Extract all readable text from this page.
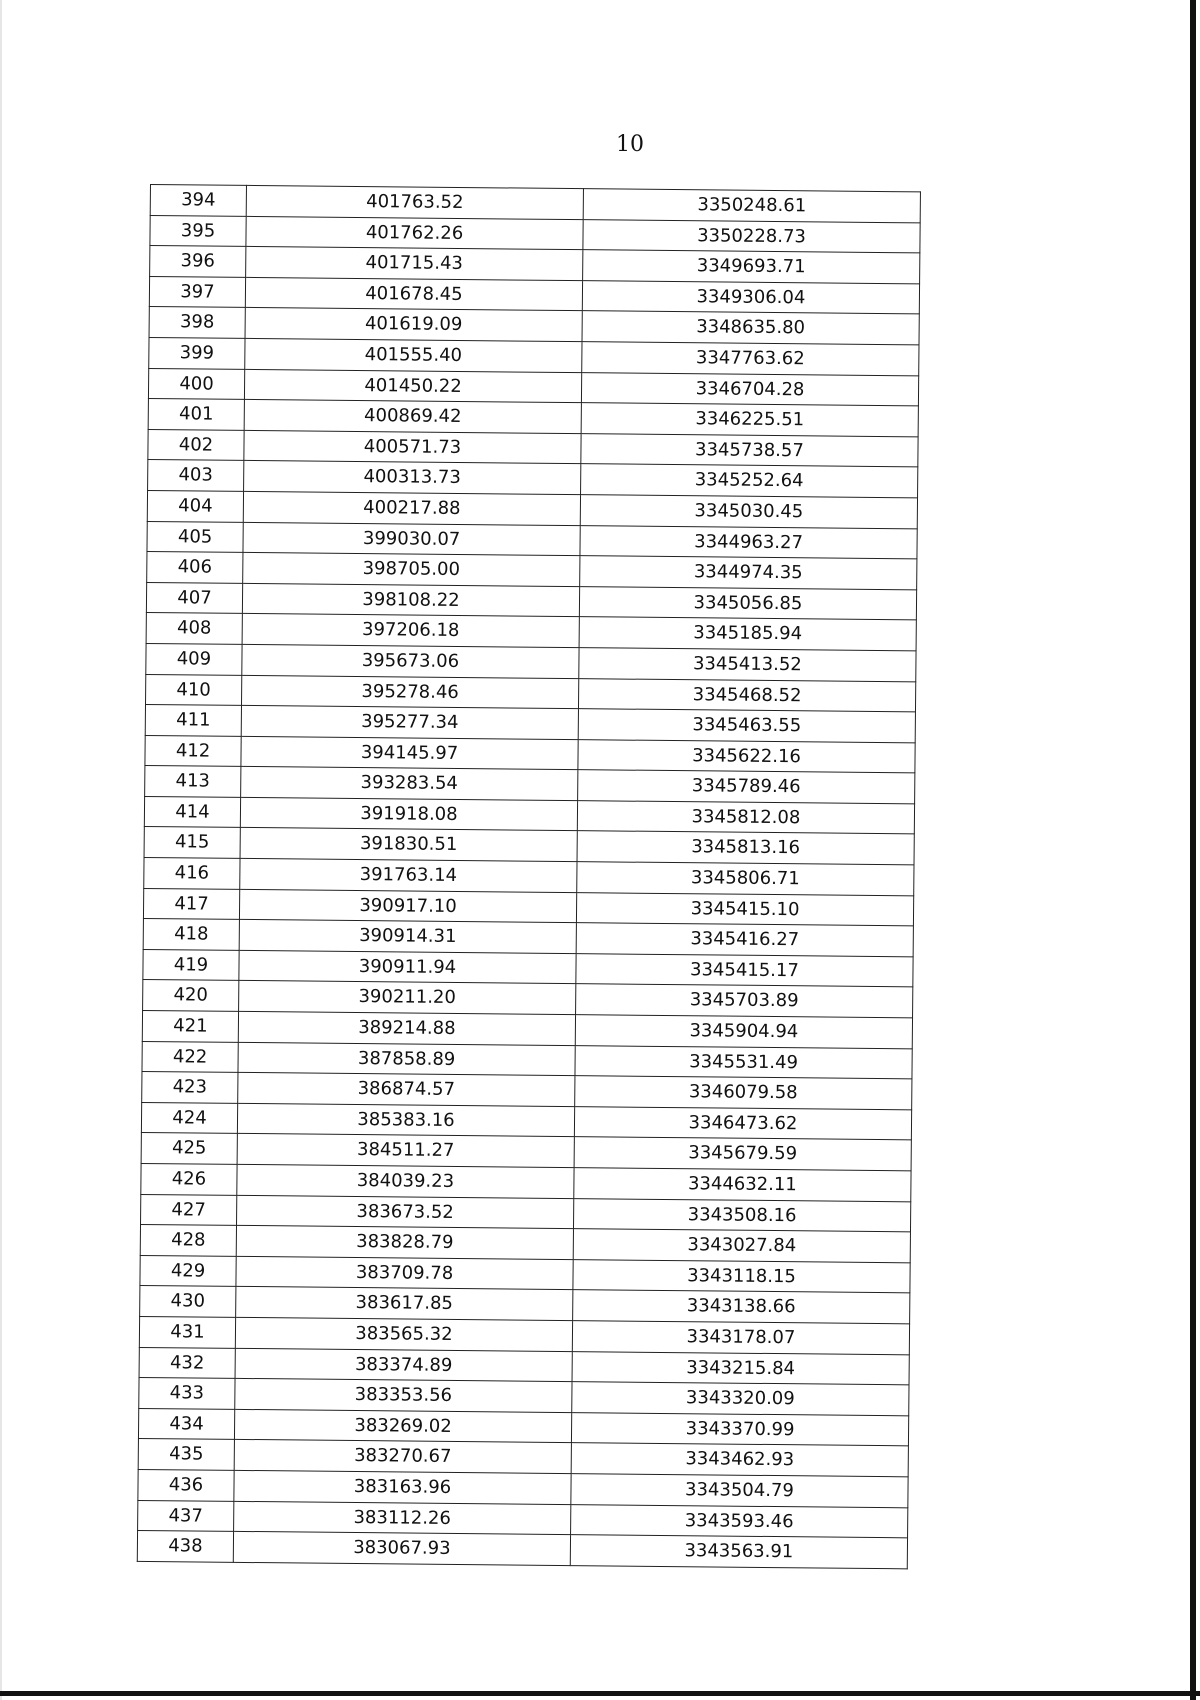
10
394	401763.52	3350248.61
395	401762.26	3350228.73
396	401715.43	3349693.71
397	401678.45	3349306.04
398	401619.09	3348635.80
399	401555.40	3347763.62
400	401450.22	3346704.28
401	400869.42	3346225.51
402	400571.73	3345738.57
403	400313.73	3345252.64
404	400217.88	3345030.45
405	399030.07	3344963.27
406	398705.00	3344974.35
407	398108.22	3345056.85
408	397206.18	3345185.94
409	395673.06	3345413.52
410	395278.46	3345468.52
411	395277.34	3345463.55
412	394145.97	3345622.16
413	393283.54	3345789.46
414	391918.08	3345812.08
415	391830.51	3345813.16
416	391763.14	3345806.71
417	390917.10	3345415.10
418	390914.31	3345416.27
419	390911.94	3345415.17
420	390211.20	3345703.89
421	389214.88	3345904.94
422	387858.89	3345531.49
423	386874.57	3346079.58
424	385383.16	3346473.62
425	384511.27	3345679.59
426	384039.23	3344632.11
427	383673.52	3343508.16
428	383828.79	3343027.84
429	383709.78	3343118.15
430	383617.85	3343138.66
431	383565.32	3343178.07
432	383374.89	3343215.84
433	383353.56	3343320.09
434	383269.02	3343370.99
435	383270.67	3343462.93
436	383163.96	3343504.79
437	383112.26	3343593.46
438	383067.93	3343563.91
